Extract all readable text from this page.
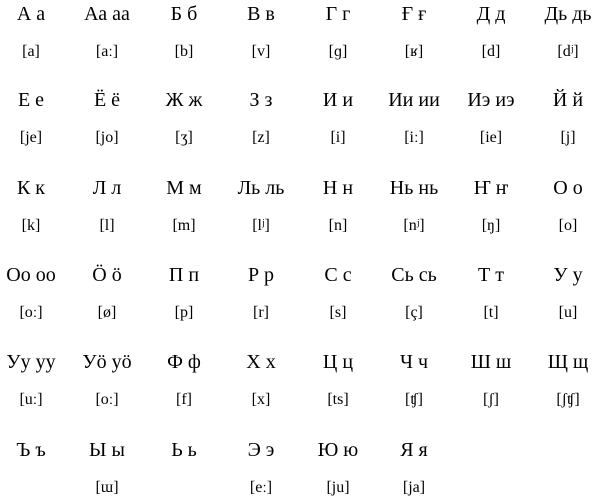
А а
[a]
Аа аа
[aː]
Б б
[b]
В в
[v]
Г г
[ɡ]
Ғ ғ
[ʁ]
Д д
[d]
Дь дь
[dʲ]
Е е
[je]
Ё ё
[jo]
Ж ж
[ʒ]
З з
[z]
И и
[i]
Ии ии
[iː]
Иэ иэ
[ie]
Й й
[j]
К к
[k]
Л л
[l]
М м
[m]
Ль ль
[lʲ]
Н н
[n]
Нь нь
[nʲ]
Ҥ ҥ
[ŋ]
О о
[o]
Оо оо
[oː]
Ӧ ӧ
[ø]
П п
[p]
Р р
[r]
С с
[s]
Сь сь
[ç]
Т т
[t]
У у
[u]
Уу уу
[uː]
Уӧ уӧ
[oː]
Ф ф
[f]
Х х
[x]
Ц ц
[ts]
Ч ч
[ʧ]
Ш ш
[ʃ]
Щ щ
[ʃʧ]
Ъ ъ	Ы ы
[ɯ]
Ь ь	Э э
[eː]
Ю ю
[ju]
Я я
[ja]
